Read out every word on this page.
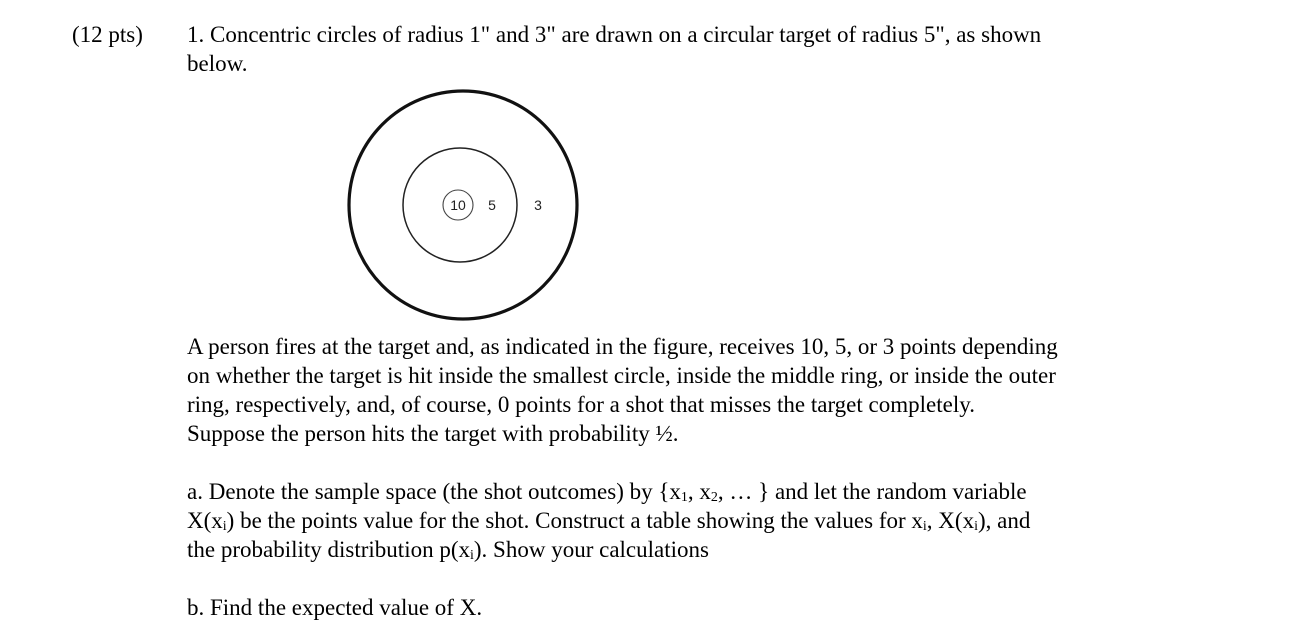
(12 pts) 1. Concentric circles of radius 1" and 3" are drawn on a circular target of radius 5", as shown
below.
10 5	3
A person fires at the target and, as indicated in the figure, receives 10, 5, or 3 points depending
on whether the target is hit inside the smallest circle, inside the middle ring, or inside the outer
ring, respectively, and, of course, 0 points for a shot that misses the target completely.
Suppose the person hits the target with probability ½.
a. Denote the sample space (the shot outcomes) by {$x_1$, $x_2$, … } and let the random variable
$X(x_i)$ be the points value for the shot. Construct a table showing the values for $x_i$, $X(x_i)$, and
the probability distribution $p(x_i)$. Show your calculations
b. Find the expected value of X.
